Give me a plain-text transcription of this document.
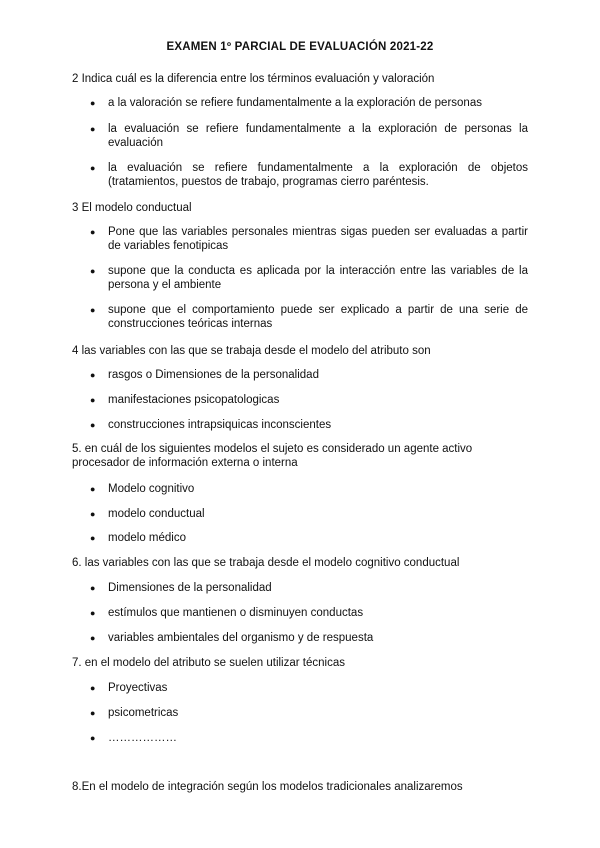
EXAMEN 1º PARCIAL DE EVALUACIÓN 2021-22
2 Indica cuál es la diferencia entre los términos evaluación y valoración
●	a la valoración se refiere fundamentalmente a la exploración de personas
●	la evaluación se refiere fundamentalmente a la exploración de personas la evaluación
●	la evaluación se refiere fundamentalmente a la exploración de objetos (tratamientos, puestos de trabajo, programas cierro paréntesis.
3 El modelo conductual
●	Pone que las variables personales mientras sigas pueden ser evaluadas a partir de variables fenotipicas
●	supone que la conducta es aplicada por la interacción entre las variables de la persona y el ambiente
●	supone que el comportamiento puede ser explicado a partir de una serie de construcciones teóricas internas
4 las variables con las que se trabaja desde el modelo del atributo son
●	rasgos o Dimensiones de la personalidad
●	manifestaciones psicopatologicas
●	construcciones intrapsiquicas inconscientes
5. en cuál de los siguientes modelos el sujeto es considerado un agente activo procesador de información externa o interna
●	Modelo cognitivo
●	modelo conductual
●	modelo médico
6. las variables con las que se trabaja desde el modelo cognitivo conductual
●	Dimensiones de la personalidad
●	estímulos que mantienen o disminuyen conductas
●	variables ambientales del organismo y de respuesta
7. en el modelo del atributo se suelen utilizar técnicas
●	Proyectivas
●	psicometricas
●	………………
8.En el modelo de integración según los modelos tradicionales analizaremos
